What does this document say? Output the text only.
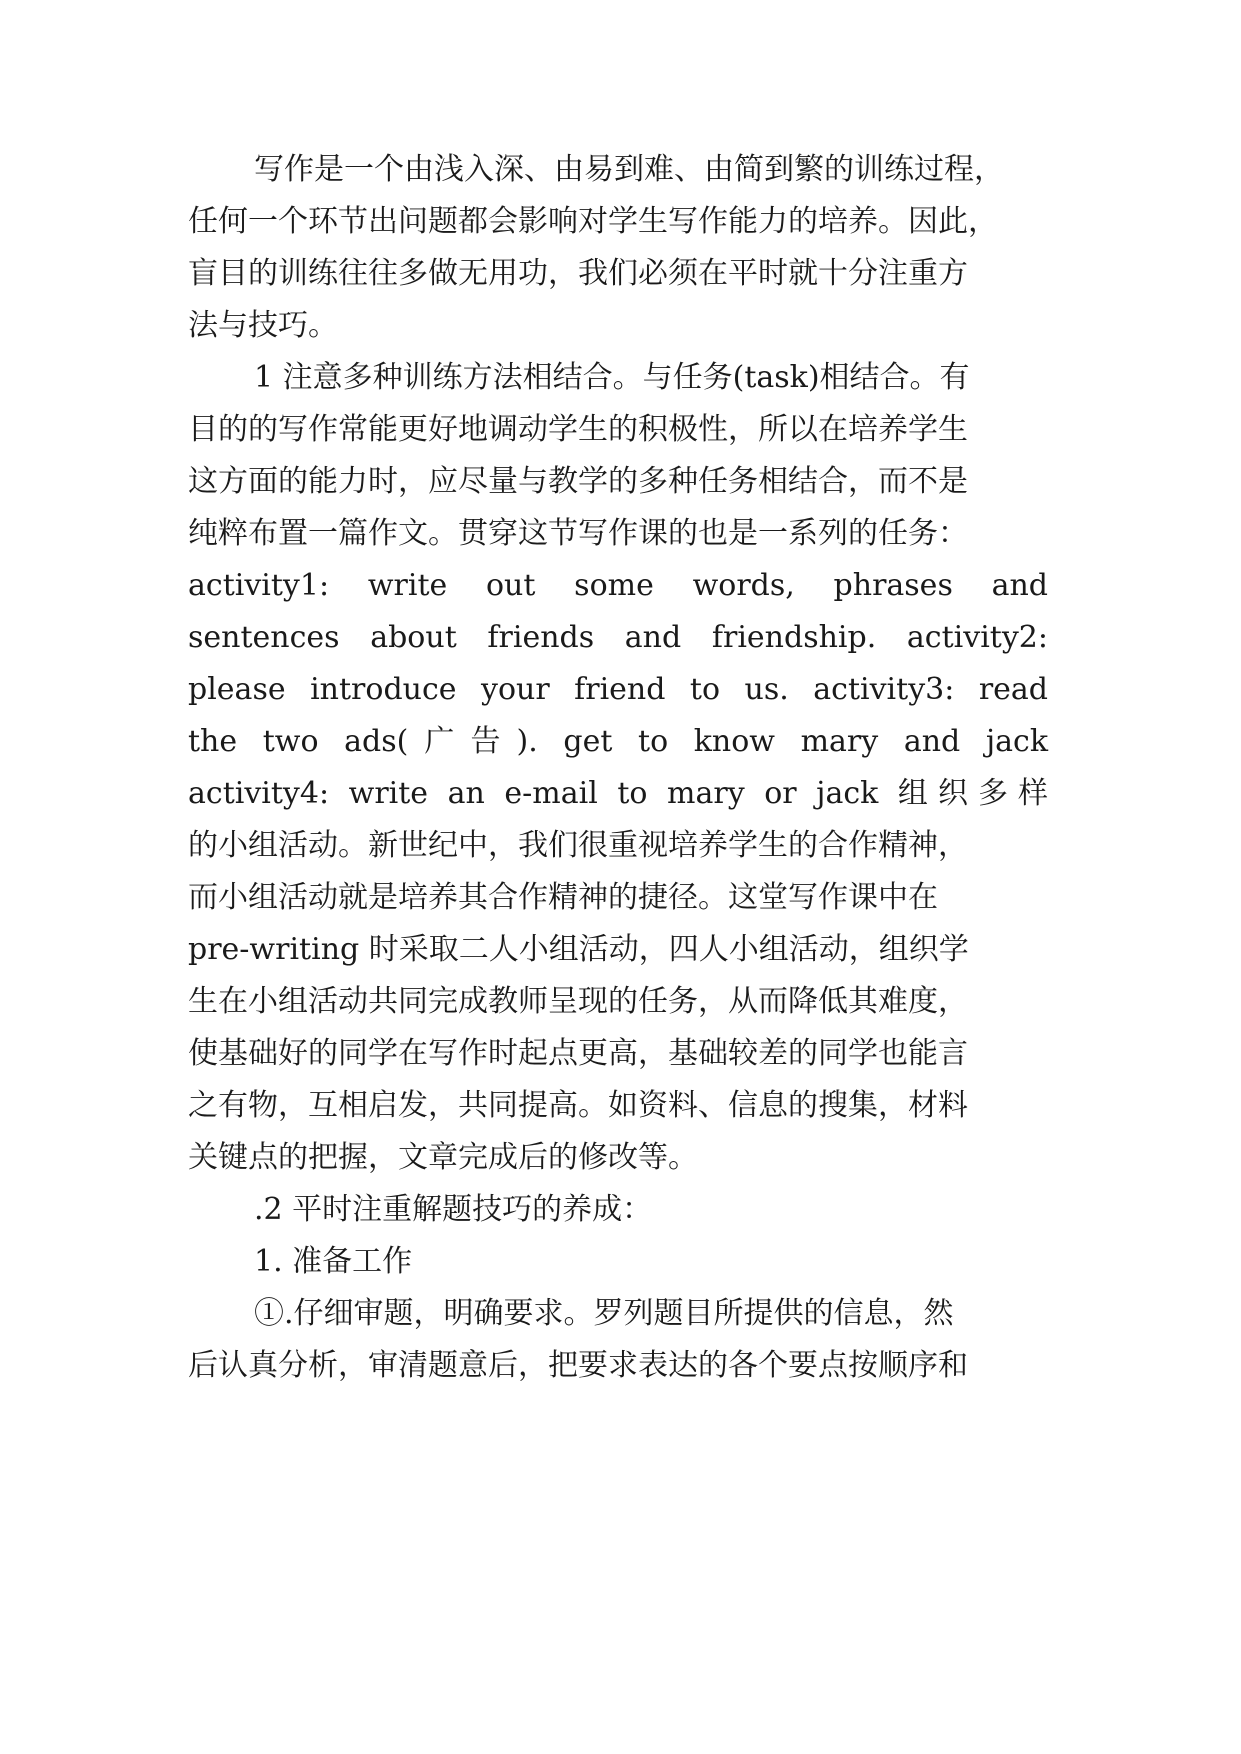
写作是一个由浅入深、由易到难、由简到繁的训练过程，
任何一个环节出问题都会影响对学生写作能力的培养。因此，
盲目的训练往往多做无用功，我们必须在平时就十分注重方
法与技巧。
1 注意多种训练方法相结合。与任务(task)相结合。有
目的的写作常能更好地调动学生的积极性，所以在培养学生
这方面的能力时，应尽量与教学的多种任务相结合，而不是
纯粹布置一篇作文。贯穿这节写作课的也是一系列的任务：
activity1: write out some words, phrases and
sentences about friends and friendship. activity2:
please introduce your friend to us. activity3: read
the two ads(广告). get to know mary and jack
activity4: write an e-mail to mary or jack 组织多样
的小组活动。新世纪中，我们很重视培养学生的合作精神，
而小组活动就是培养其合作精神的捷径。这堂写作课中在
pre-writing 时采取二人小组活动，四人小组活动，组织学
生在小组活动共同完成教师呈现的任务，从而降低其难度，
使基础好的同学在写作时起点更高，基础较差的同学也能言
之有物，互相启发，共同提高。如资料、信息的搜集，材料
关键点的把握，文章完成后的修改等。
.2 平时注重解题技巧的养成：
1. 准备工作
①.仔细审题，明确要求。罗列题目所提供的信息，然
后认真分析，审清题意后，把要求表达的各个要点按顺序和
